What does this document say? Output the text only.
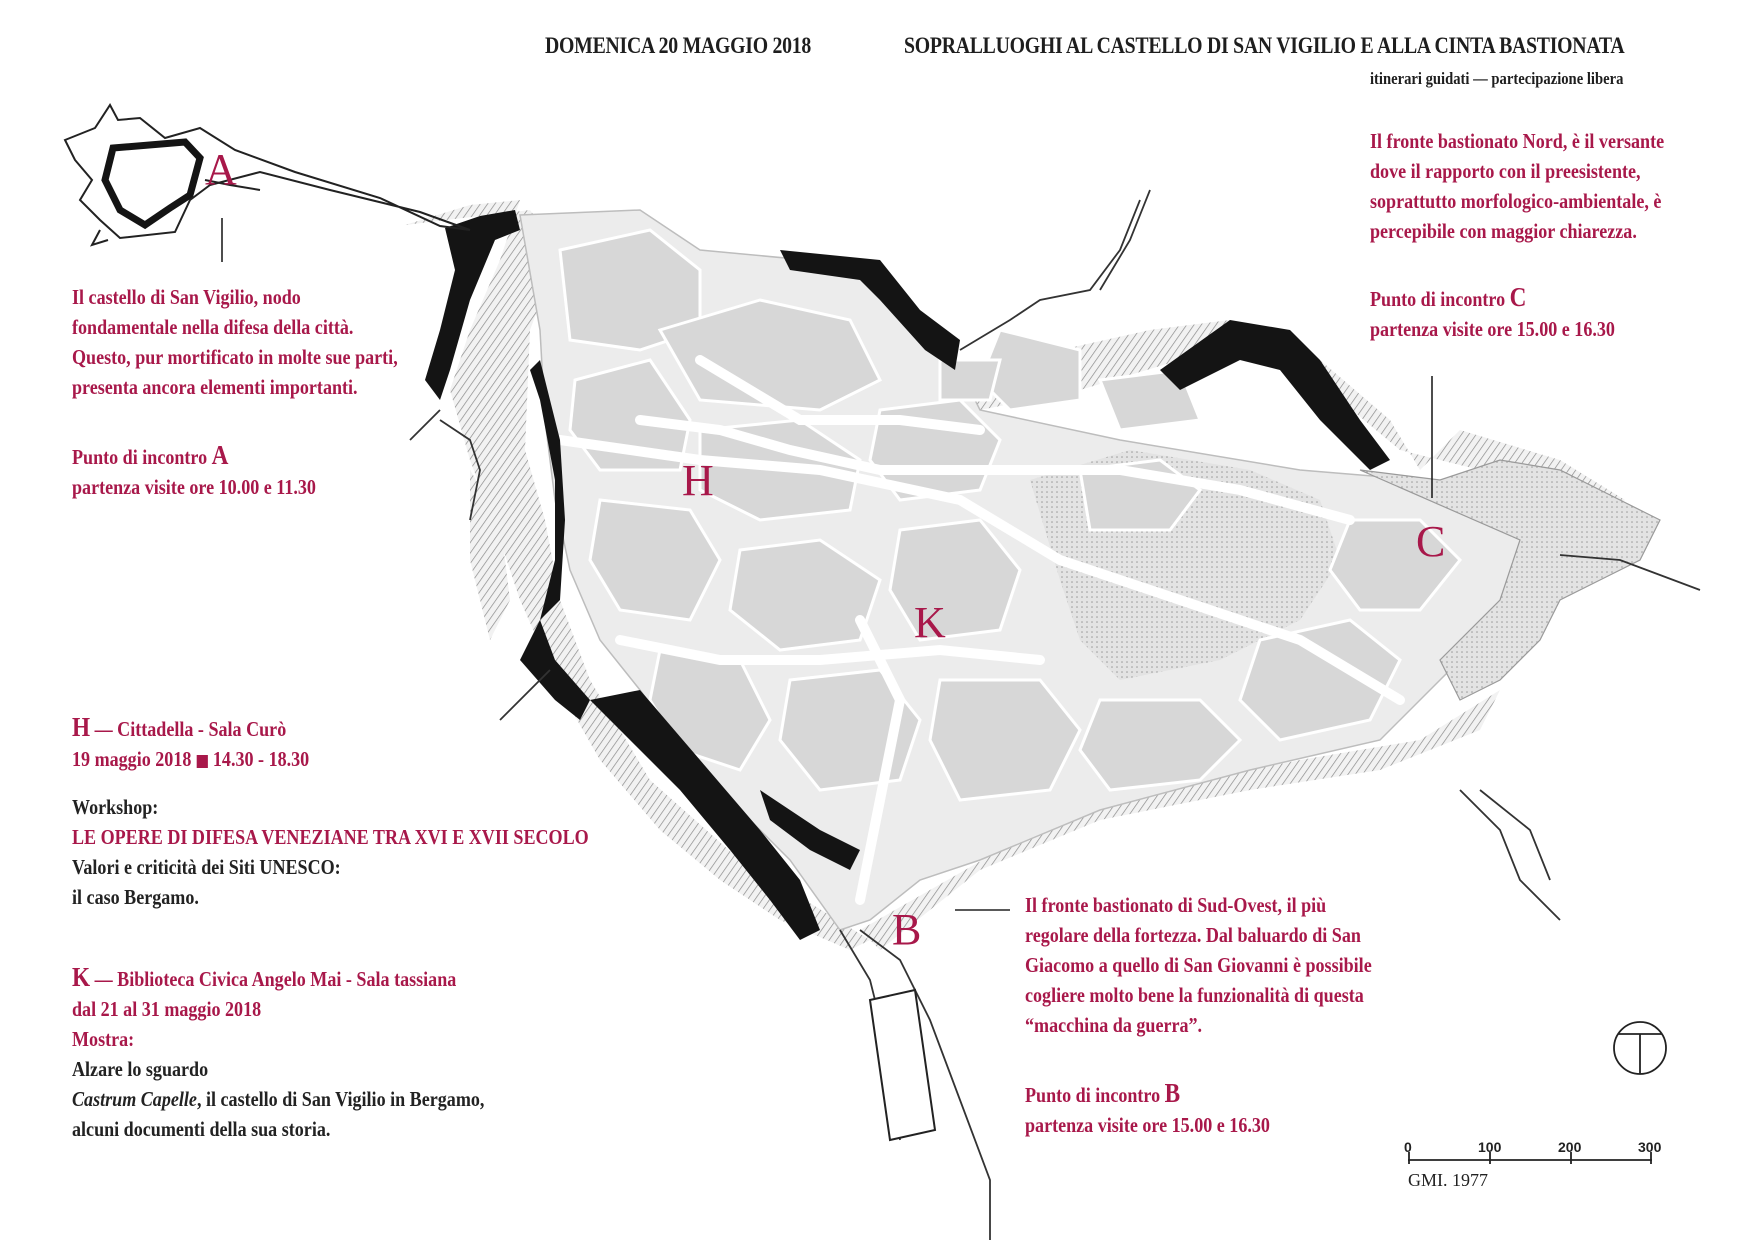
DOMENICA 20 MAGGIO 2018	SOPRALLUOGHI AL CASTELLO DI SAN VIGILIO E ALLA CINTA BASTIONATA
itinerari guidati — partecipazione libera
A
H
K
C
B
Il fronte bastionato Nord, è il versante
dove il rapporto con il preesistente,
soprattutto morfologico-ambientale, è
percepibile con maggior chiarezza.
Punto di incontro C
partenza visite ore 15.00 e 16.30
Il castello di San Vigilio, nodo
fondamentale nella difesa della città.
Questo, pur mortificato in molte sue parti,
presenta ancora elementi importanti.
Punto di incontro A
partenza visite ore 10.00 e 11.30
H — Cittadella - Sala Curò
19 maggio 2018 14.30 - 18.30
Workshop:
LE OPERE DI DIFESA VENEZIANE TRA XVI E XVII SECOLO
Valori e criticità dei Siti UNESCO:
il caso Bergamo.
K — Biblioteca Civica Angelo Mai - Sala tassiana
dal 21 al 31 maggio 2018
Mostra:
Alzare lo sguardo
Castrum Capelle, il castello di San Vigilio in Bergamo,
alcuni documenti della sua storia.
Il fronte bastionato di Sud-Ovest, il più
regolare della fortezza. Dal baluardo di San
Giacomo a quello di San Giovanni è possibile
cogliere molto bene la funzionalità di questa
“macchina da guerra”.
Punto di incontro B
partenza visite ore 15.00 e 16.30
0	100	200	300
GMI. 1977
